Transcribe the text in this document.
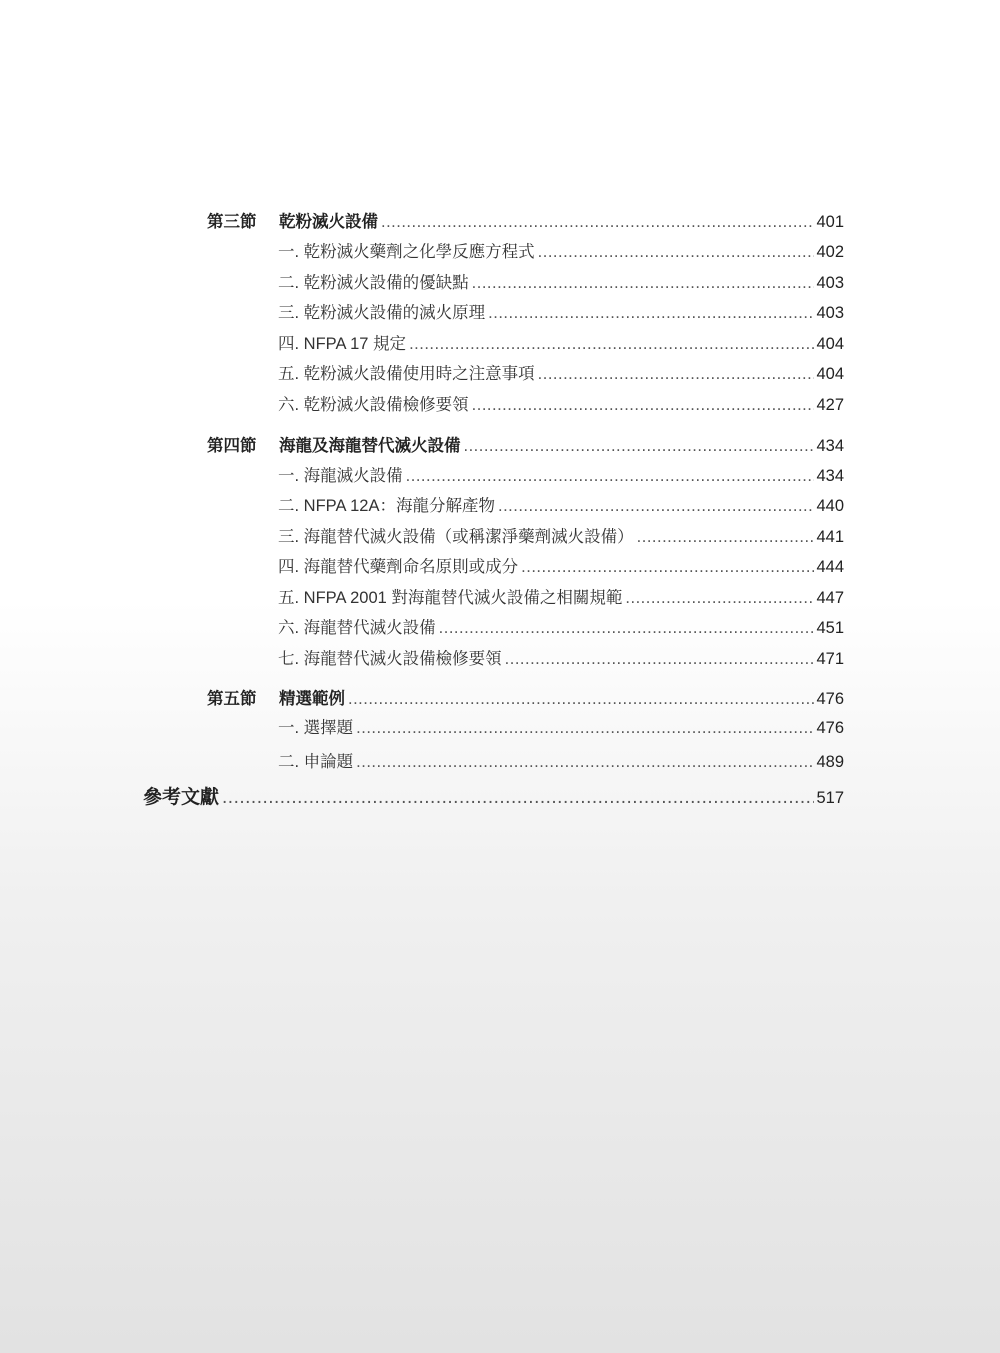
第三節	乾粉滅火設備 .....	401
一. 乾粉滅火藥劑之化學反應方程式 .....	402
二. 乾粉滅火設備的優缺點 .....	403
三. 乾粉滅火設備的滅火原理 .....	403
四. NFPA 17 規定 .....	404
五. 乾粉滅火設備使用時之注意事項 .....	404
六. 乾粉滅火設備檢修要領 .....	427
第四節	海龍及海龍替代滅火設備 .....	434
一. 海龍滅火設備 .....	434
二. NFPA 12A：海龍分解產物 .....	440
三. 海龍替代滅火設備（或稱潔淨藥劑滅火設備） .....	441
四. 海龍替代藥劑命名原則或成分 .....	444
五. NFPA 2001 對海龍替代滅火設備之相關規範 .....	447
六. 海龍替代滅火設備 .....	451
七. 海龍替代滅火設備檢修要領 .....	471
第五節	精選範例 .....	476
一. 選擇題 .....	476
二. 申論題 .....	489
參考文獻 .....	517
